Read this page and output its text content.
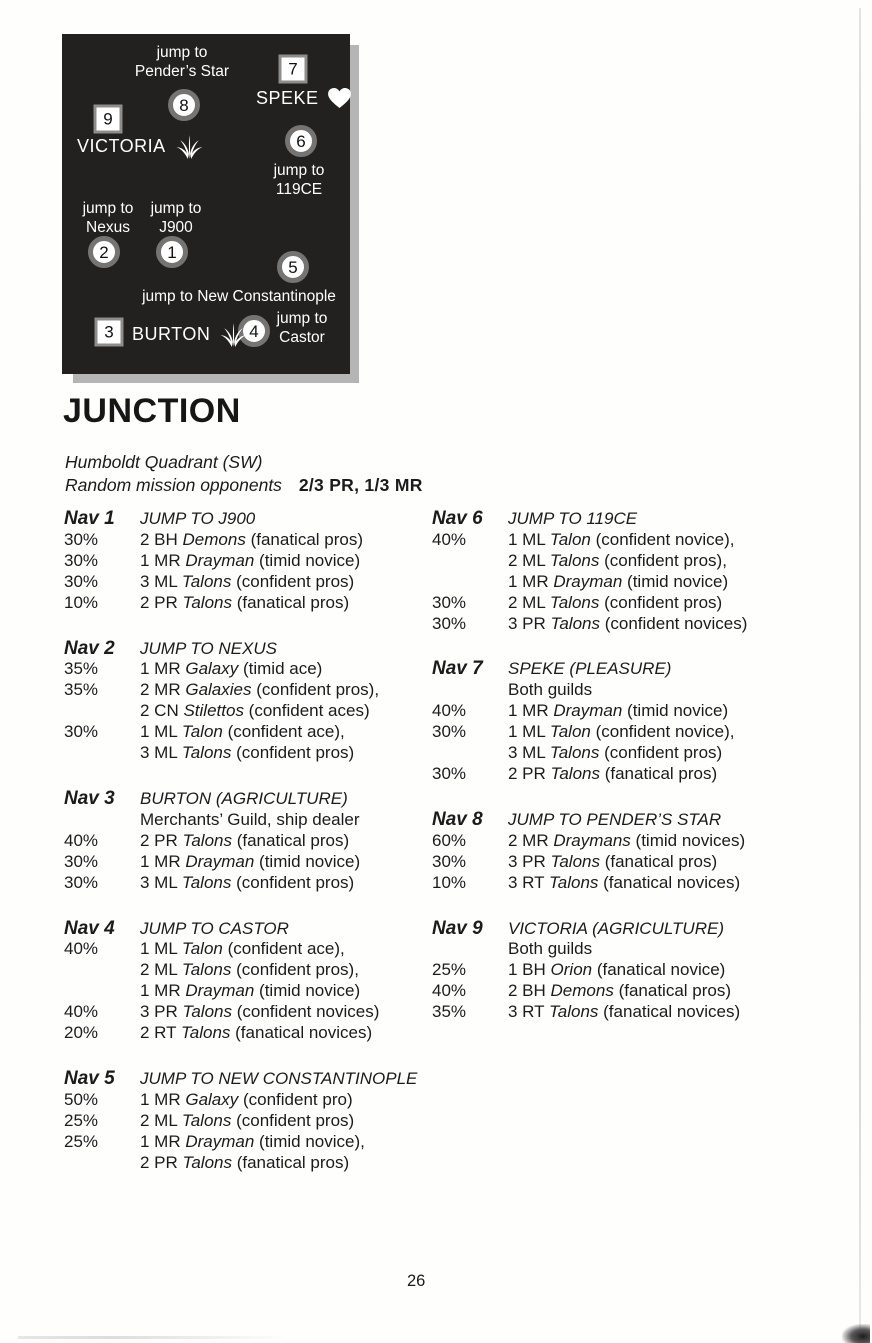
1
2
3	4
5
6
7
8
9
jump to
Pender’s Star
SPEKE
VICTORIA
jump to
119CE
jump to
Nexus
jump to
J900
jump to New Constantinople
BURTON
jump to
Castor
JUNCTION
Humboldt Quadrant (SW)
Random mission opponents 2/3 PR, 1/3 MR
Nav 1	JUMP TO J900
30%	2 BH Demons (fanatical pros)
30%	1 MR Drayman (timid novice)
30%	3 ML Talons (confident pros)
10%	2 PR Talons (fanatical pros)
Nav 2	JUMP TO NEXUS
35%	1 MR Galaxy (timid ace)
35%	2 MR Galaxies (confident pros),
2 CN Stilettos (confident aces)
30%	1 ML Talon (confident ace),
3 ML Talons (confident pros)
Nav 3	BURTON (AGRICULTURE)
Merchants’ Guild, ship dealer
40%	2 PR Talons (fanatical pros)
30%	1 MR Drayman (timid novice)
30%	3 ML Talons (confident pros)
Nav 4	JUMP TO CASTOR
40%	1 ML Talon (confident ace),
2 ML Talons (confident pros),
1 MR Drayman (timid novice)
40%	3 PR Talons (confident novices)
20%	2 RT Talons (fanatical novices)
Nav 5	JUMP TO NEW CONSTANTINOPLE
50%	1 MR Galaxy (confident pro)
25%	2 ML Talons (confident pros)
25%	1 MR Drayman (timid novice),
2 PR Talons (fanatical pros)
Nav 6	JUMP TO 119CE
40%	1 ML Talon (confident novice),
2 ML Talons (confident pros),
1 MR Drayman (timid novice)
30%	2 ML Talons (confident pros)
30%	3 PR Talons (confident novices)
Nav 7	SPEKE (PLEASURE)
Both guilds
40%	1 MR Drayman (timid novice)
30%	1 ML Talon (confident novice),
3 ML Talons (confident pros)
30%	2 PR Talons (fanatical pros)
Nav 8	JUMP TO PENDER’S STAR
60%	2 MR Draymans (timid novices)
30%	3 PR Talons (fanatical pros)
10%	3 RT Talons (fanatical novices)
Nav 9	VICTORIA (AGRICULTURE)
Both guilds
25%	1 BH Orion (fanatical novice)
40%	2 BH Demons (fanatical pros)
35%	3 RT Talons (fanatical novices)
26
